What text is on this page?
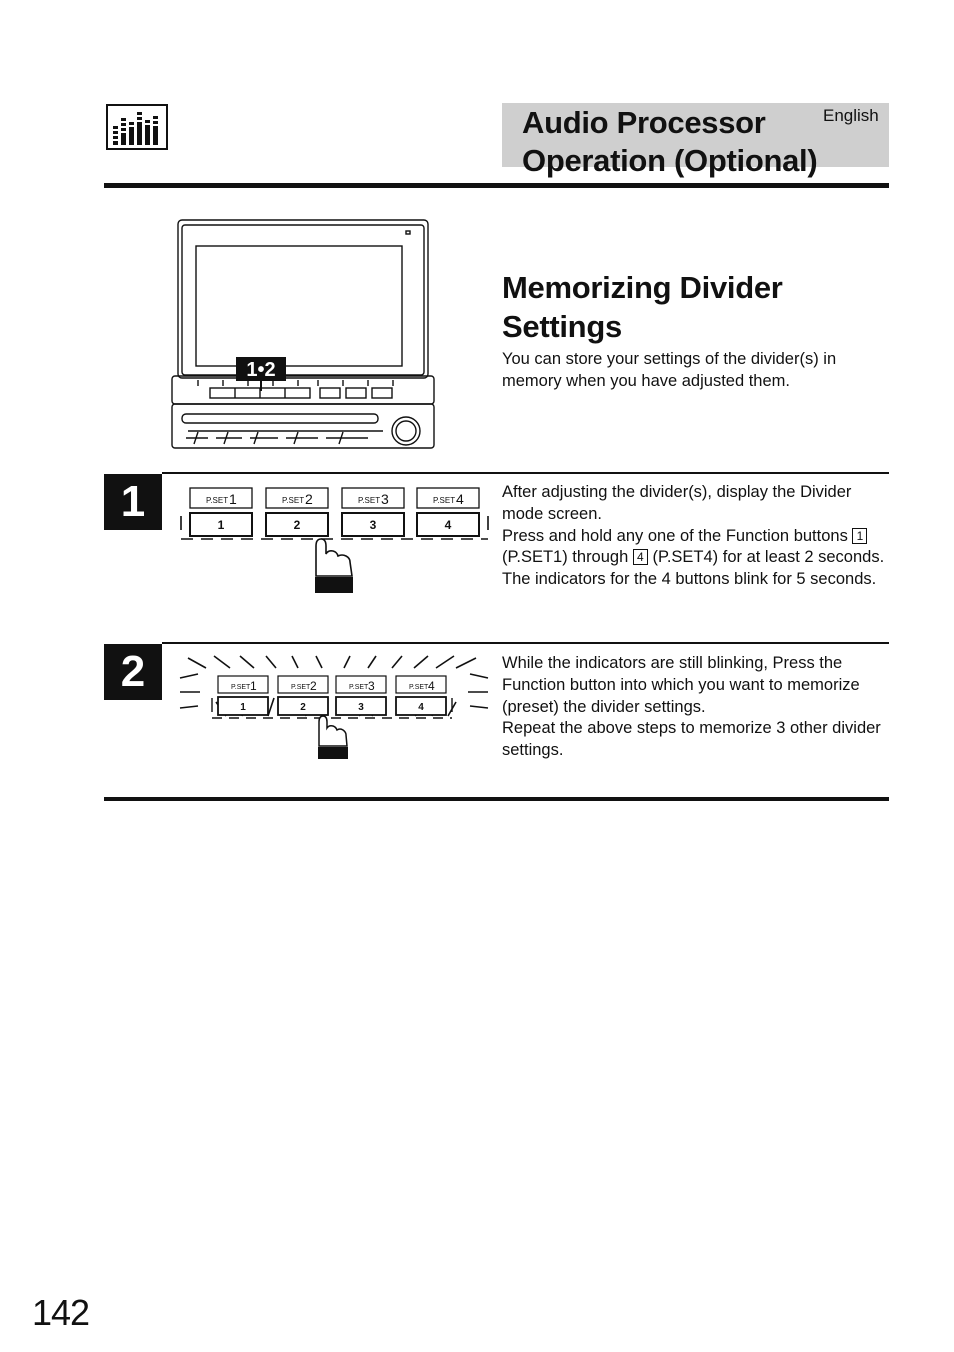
Audio Processor Operation (Optional)
English
1•2
Memorizing Divider Settings
You can store your settings of the divider(s) in memory when you have adjusted them.
1	P.SET 1
1
P.SET 2
2
P.SET 3
3
P.SET 4
4

After adjusting the divider(s), display the Divider mode screen.

Press and hold any one of the Function buttons 1 (P.SET1) through 4 (P.SET4) for at least 2 seconds.

The indicators for the 4 buttons blink for 5 seconds.

2	P.SET 1
1
P.SET 2
2
P.SET 3
3
P.SET 4
4

While the indicators are still blinking, Press the Function button into which you want to memorize (preset) the divider settings.

Repeat the above steps to memorize 3 other divider settings.

142
